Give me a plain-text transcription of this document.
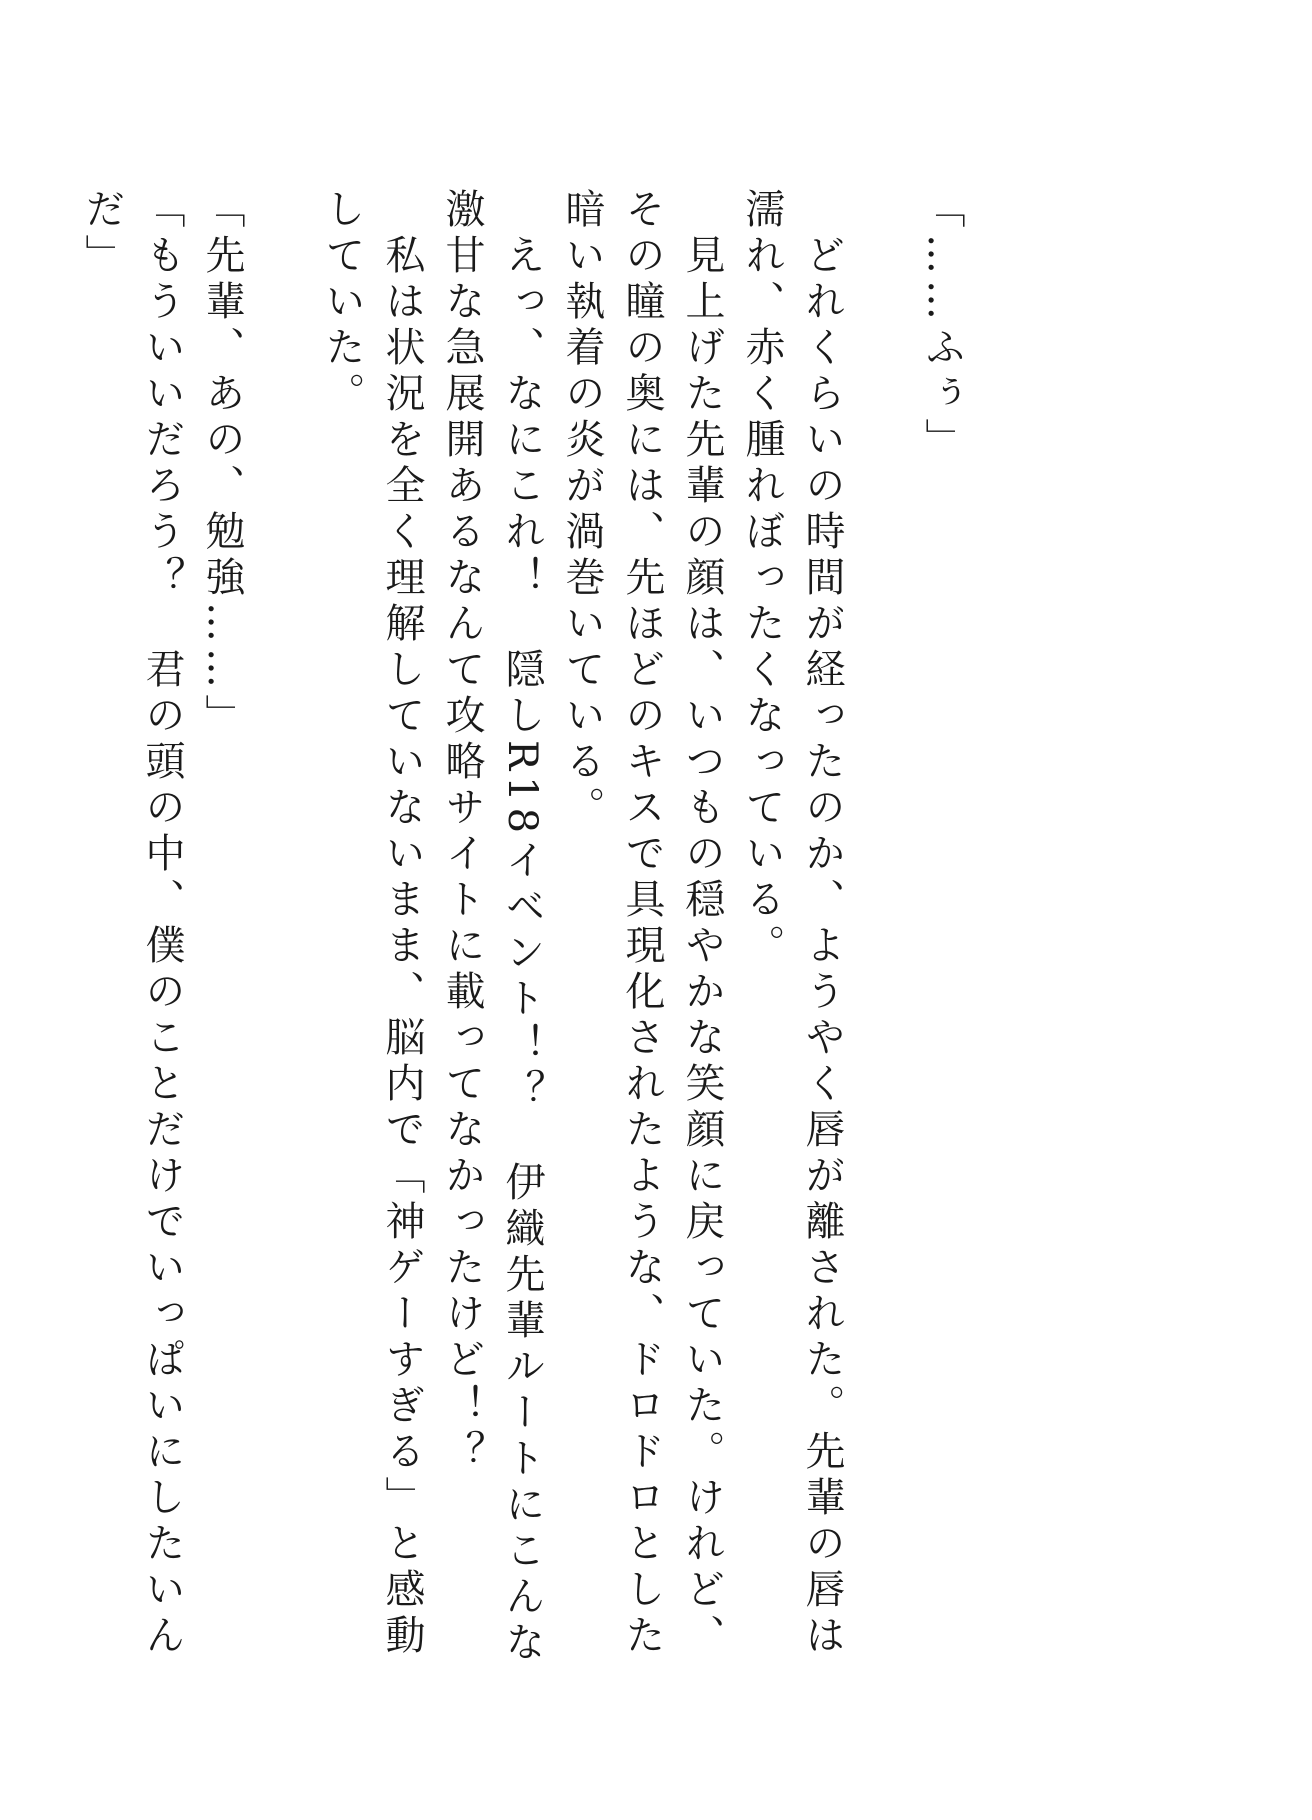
「……ふぅ」

　どれくらいの時間が経ったのか、ようやく唇が離された。先輩の唇は濡れ、赤く腫れぼったくなっている。

　見上げた先輩の顔は、いつもの穏やかな笑顔に戻っていた。けれど、その瞳の奥には、先ほどのキスで具現化されたような、ドロドロとした暗い執着の炎が渦巻いている。

　えっ、なにこれ！　隠しR18イベント！？　伊織先輩ルートにこんな激甘な急展開あるなんて攻略サイトに載ってなかったけど！？

　私は状況を全く理解していないまま、脳内で「神ゲーすぎる」と感動していた。

「先輩、あの、勉強……」

「もういいだろう？　君の頭の中、僕のことだけでいっぱいにしたいんだ」
